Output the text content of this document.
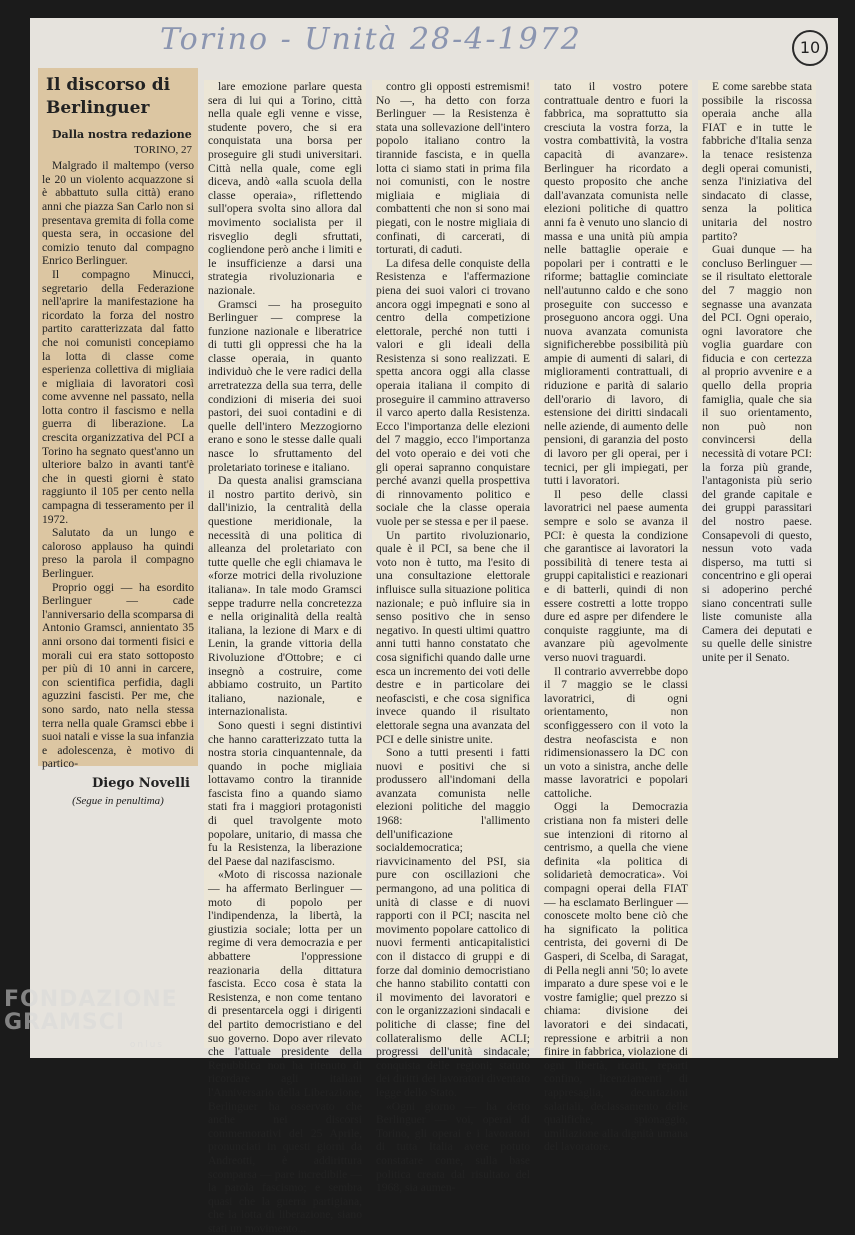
Torino - Unità 28-4-1972	10
Il discorso di Berlinguer
Dalla nostra redazione
TORINO, 27

Malgrado il maltempo (verso le 20 un violento acquazzone si è abbattuto sulla città) erano anni che piazza San Carlo non si presentava gremita di folla come questa sera, in occasione del comizio tenuto dal compagno Enrico Berlinguer.

Il compagno Minucci, segretario della Federazione nell'aprire la manifestazione ha ricordato la forza del nostro partito caratterizzata dal fatto che noi comunisti concepiamo la lotta di classe come esperienza collettiva di migliaia e migliaia di lavoratori così come avvenne nel passato, nella lotta contro il fascismo e nella guerra di liberazione. La crescita organizzativa del PCI a Torino ha segnato quest'anno un ulteriore balzo in avanti tant'è che in questi giorni è stato raggiunto il 105 per cento nella campagna di tesseramento per il 1972.

Salutato da un lungo e caloroso applauso ha quindi preso la parola il compagno Berlinguer.

Proprio oggi — ha esordito Berlinguer — cade l'anniversario della scomparsa di Antonio Gramsci, annientato 35 anni orsono dai tormenti fisici e morali cui era stato sottoposto per più di 10 anni in carcere, con scientifica perfidia, dagli aguzzini fascisti. Per me, che sono sardo, nato nella stessa terra nella quale Gramsci ebbe i suoi natali e visse la sua infanzia e adolescenza, è motivo di partico-

Diego Novelli
(Segue in penultima)

lare emozione parlare questa sera di lui qui a Torino, città nella quale egli venne e visse, studente povero, che si era conquistata una borsa per proseguire gli studi universitari. Città nella quale, come egli diceva, andò «alla scuola della classe operaia», riflettendo sull'opera svolta sino allora dal movimento socialista per il risveglio degli sfruttati, cogliendone però anche i limiti e le insufficienze a darsi una strategia rivoluzionaria e nazionale.

Gramsci — ha proseguito Berlinguer — comprese la funzione nazionale e liberatrice di tutti gli oppressi che ha la classe operaia, in quanto individuò che le vere radici della arretratezza della sua terra, delle condizioni di miseria dei suoi pastori, dei suoi contadini e di quelle dell'intero Mezzogiorno erano e sono le stesse dalle quali nasce lo sfruttamento del proletariato torinese e italiano.

Da questa analisi gramsciana il nostro partito derivò, sin dall'inizio, la centralità della questione meridionale, la necessità di una politica di alleanza del proletariato con tutte quelle che egli chiamava le «forze motrici della rivoluzione italiana». In tale modo Gramsci seppe tradurre nella concretezza e nella originalità della realtà italiana, la lezione di Marx e di Lenin, la grande vittoria della Rivoluzione d'Ottobre; e ci insegnò a costruire, come abbiamo costruito, un Partito italiano, nazionale, e internazionalista.

Sono questi i segni distintivi che hanno caratterizzato tutta la nostra storia cinquantennale, da quando in poche migliaia lottavamo contro la tirannide fascista fino a quando siamo stati fra i maggiori protagonisti di quel travolgente moto popolare, unitario, di massa che fu la Resistenza, la liberazione del Paese dal nazifascismo.

«Moto di riscossa nazionale — ha affermato Berlinguer — moto di popolo per l'indipendenza, la libertà, la giustizia sociale; lotta per un regime di vera democrazia e per abbattere l'oppressione reazionaria della dittatura fascista. Ecco cosa è stata la Resistenza, e non come tentano di presentarcela oggi i dirigenti del partito democristiano e del suo governo. Dopo aver rilevato che l'attuale presidente della Repubblica non ha ritenuto di ricordare agli italiani l'Anniversario della Liberazione, Berlinguer ha osservato che anche nei discorsi commemorativi del 25 Aprile, pronunciati in questi giorni da Andreotti, è addirittura scomparsa — pare incredibile — la parola fascismo; e sembra quasi che la guerra partigiana, che la lotta di liberazione, siano stati un movimento...

contro gli opposti estremismi! No —, ha detto con forza Berlinguer — la Resistenza è stata una sollevazione dell'intero popolo italiano contro la tirannide fascista, e in quella lotta ci siamo stati in prima fila noi comunisti, con le nostre migliaia e migliaia di combattenti che non si sono mai piegati, con le nostre migliaia di confinati, di carcerati, di torturati, di caduti.

La difesa delle conquiste della Resistenza e l'affermazione piena dei suoi valori ci trovano ancora oggi impegnati e sono al centro della competizione elettorale, perché non tutti i valori e gli ideali della Resistenza si sono realizzati. E spetta ancora oggi alla classe operaia italiana il compito di proseguire il cammino attraverso il varco aperto dalla Resistenza. Ecco l'importanza delle elezioni del 7 maggio, ecco l'importanza del voto operaio e dei voti che gli operai sapranno conquistare perché avanzi quella prospettiva di rinnovamento politico e sociale che la classe operaia vuole per se stessa e per il paese.

Un partito rivoluzionario, quale è il PCI, sa bene che il voto non è tutto, ma l'esito di una consultazione elettorale influisce sulla situazione politica nazionale; e può influire sia in senso positivo che in senso negativo. In questi ultimi quattro anni tutti hanno constatato che cosa significhi quando dalle urne esca un incremento dei voti delle destre e in particolare dei neofascisti, e che cosa significa invece quando il risultato elettorale segna una avanzata del PCI e delle sinistre unite.

Sono a tutti presenti i fatti nuovi e positivi che si produssero all'indomani della avanzata comunista nelle elezioni politiche del maggio 1968: l'allimento dell'unificazione socialdemocratica; riavvicinamento del PSI, sia pure con oscillazioni che permangono, ad una politica di unità di classe e di nuovi rapporti con il PCI; nascita nel movimento popolare cattolico di nuovi fermenti anticapitalistici con il distacco di gruppi e di forze dal dominio democristiano che hanno stabilito contatti con il movimento dei lavoratori e con le organizzazioni sindacali e politiche di classe; fine del collateralismo delle ACLI; progressi dell'unità sindacale; conquista delle regioni; statuto dei diritti dei lavoratori diventato legge dello Stato.

«Ogni giorno — ha detto Berlinguer — voi, operai di Torino, gli operai e i lavoratori di tutta Italia avete potuto constatare come, sulla base politica creata dal risultato del 1968, sia aumen-

tato il vostro potere contrattuale dentro e fuori la fabbrica, ma soprattutto sia cresciuta la vostra forza, la vostra combattività, la vostra capacità di avanzare». Berlinguer ha ricordato a questo proposito che anche dall'avanzata comunista nelle elezioni politiche di quattro anni fa è venuto uno slancio di massa e una unità più ampia nelle battaglie operaie e popolari per i contratti e le riforme; battaglie cominciate nell'autunno caldo e che sono proseguite con successo e proseguono ancora oggi. Una nuova avanzata comunista significherebbe possibilità più ampie di aumenti di salari, di miglioramenti contrattuali, di riduzione e parità di salario dell'orario di lavoro, di estensione dei diritti sindacali nelle aziende, di aumento delle pensioni, di garanzia del posto di lavoro per gli operai, per i tecnici, per gli impiegati, per tutti i lavoratori.

Il peso delle classi lavoratrici nel paese aumenta sempre e solo se avanza il PCI: è questa la condizione che garantisce ai lavoratori la possibilità di tenere testa ai gruppi capitalistici e reazionari e di batterli, quindi di non essere costretti a lotte troppo dure ed aspre per difendere le conquiste raggiunte, ma di avanzare più agevolmente verso nuovi traguardi.

Il contrario avverrebbe dopo il 7 maggio se le classi lavoratrici, di ogni orientamento, non sconfiggessero con il voto la destra neofascista e non ridimensionassero la DC con un voto a sinistra, anche delle masse lavoratrici e popolari cattoliche.

Oggi la Democrazia cristiana non fa misteri delle sue intenzioni di ritorno al centrismo, a quella che viene definita «la politica di solidarietà democratica». Voi compagni operai della FIAT — ha esclamato Berlinguer — conoscete molto bene ciò che ha significato la politica centrista, dei governi di De Gasperi, di Scelba, di Saragat, di Pella negli anni '50; lo avete imparato a dure spese voi e le vostre famiglie; quel prezzo si chiama: divisione dei lavoratori e dei sindacati, repressione e arbitrii a non finire in fabbrica, violazione di ogni libertà, ricatti, reparti confino, licenziamenti di rappresaglia, decurtazioni salariali, declassamento delle qualifiche, spionaggio, umiliazione alla dignità umana del lavoratore.

E come sarebbe stata possibile la riscossa operaia anche alla FIAT e in tutte le fabbriche d'Italia senza la tenace resistenza degli operai comunisti, senza l'iniziativa del sindacato di classe, senza la politica unitaria del nostro partito?

Guai dunque — ha concluso Berlinguer — se il risultato elettorale del 7 maggio non segnasse una avanzata del PCI. Ogni operaio, ogni lavoratore che voglia guardare con fiducia e con certezza al proprio avvenire e a quello della propria famiglia, quale che sia il suo orientamento, non può non convincersi della necessità di votare PCI: la forza più grande, l'antagonista più serio del grande capitale e dei gruppi parassitari del nostro paese. Consapevoli di questo, nessun voto vada disperso, ma tutti si concentrino e gli operai si adoperino perché siano concentrati sulle liste comuniste alla Camera dei deputati e su quelle delle sinistre unite per il Senato.

FONDAZIONE
GRAMSCI
onlus
